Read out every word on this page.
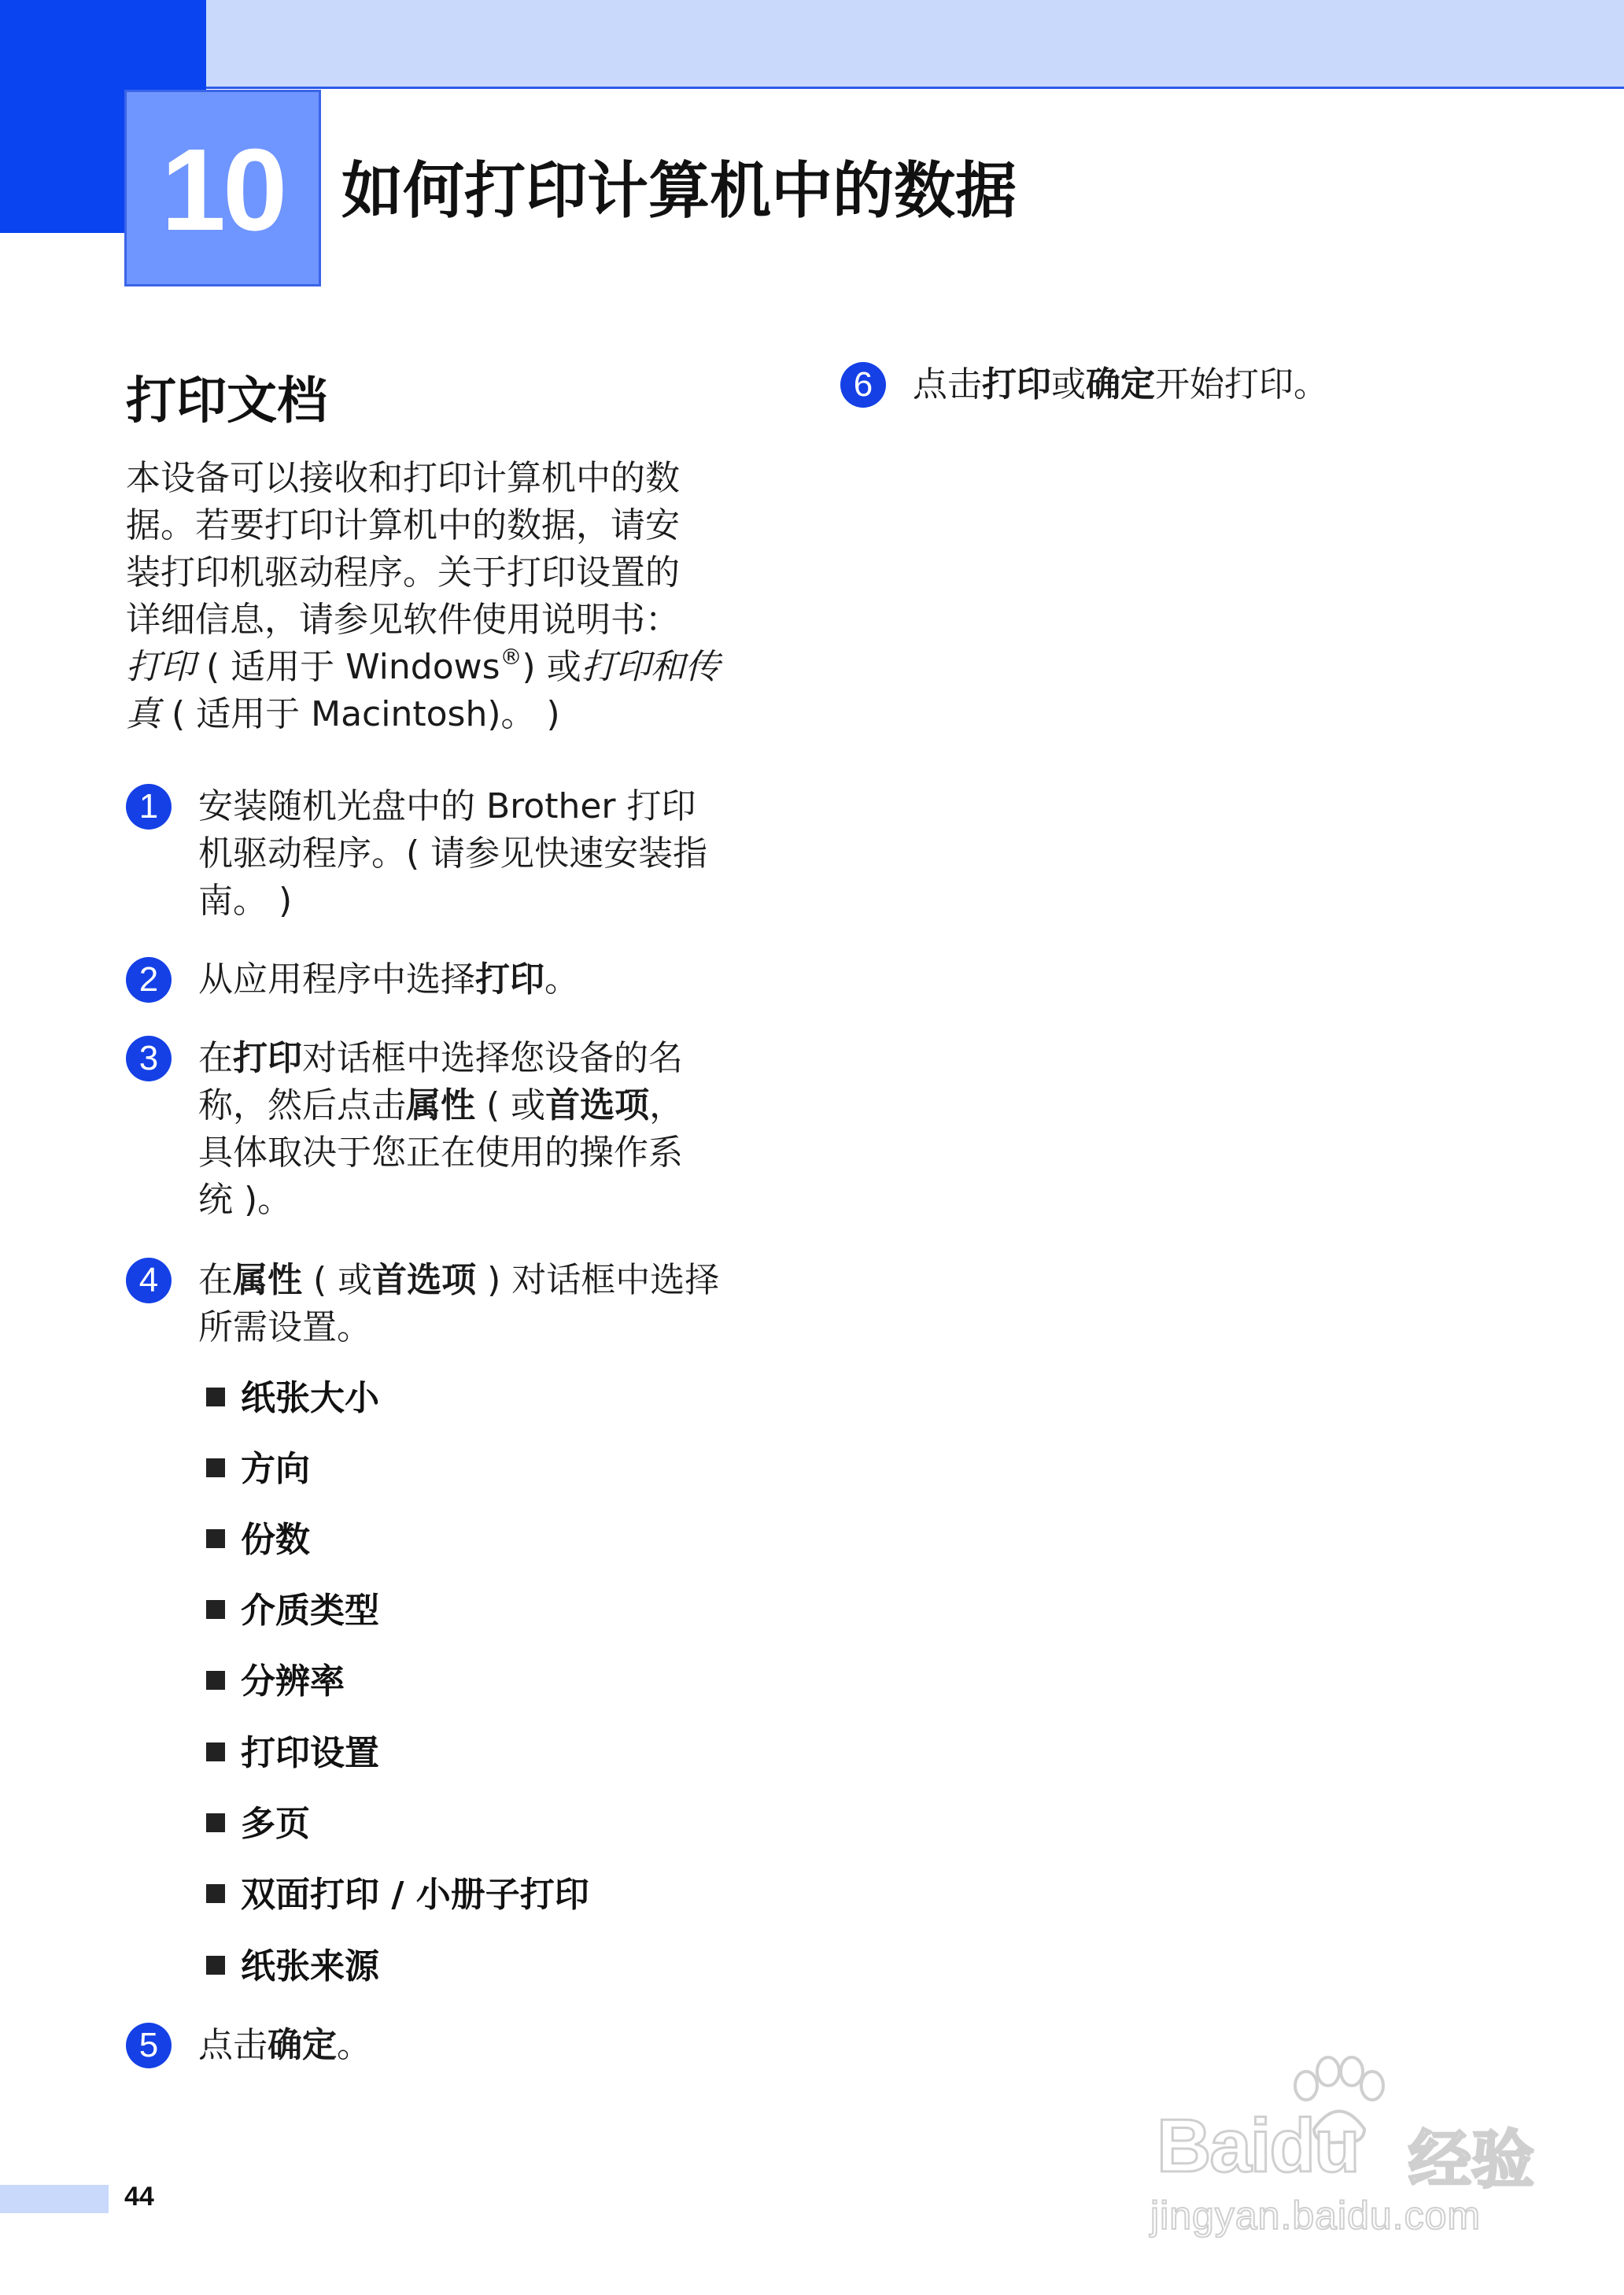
10 如何打印计算机中的数据
打印文档

本设备可以接收和打印计算机中的数

据。若要打印计算机中的数据，请安

装打印机驱动程序。关于打印设置的

详细信息，请参见软件使用说明书：

打印 ( 适用于 Windows®) 或打印和传

真 ( 适用于 Macintosh)。 )

1	安装随机光盘中的 Brother 打印

机驱动程序。( 请参见快速安装指

南。 )

2	从应用程序中选择打印。

3	在打印对话框中选择您设备的名

称，然后点击属性 ( 或首选项，

具体取决于您正在使用的操作系

统 )。

4	在属性 ( 或首选项 ) 对话框中选择

所需设置。

纸张大小
方向
份数
介质类型
分辨率
打印设置
多页
双面打印 / 小册子打印
纸张来源
5	点击确定。

6	点击打印或确定开始打印。

44
Baidu 经验
jingyan.baidu.com
